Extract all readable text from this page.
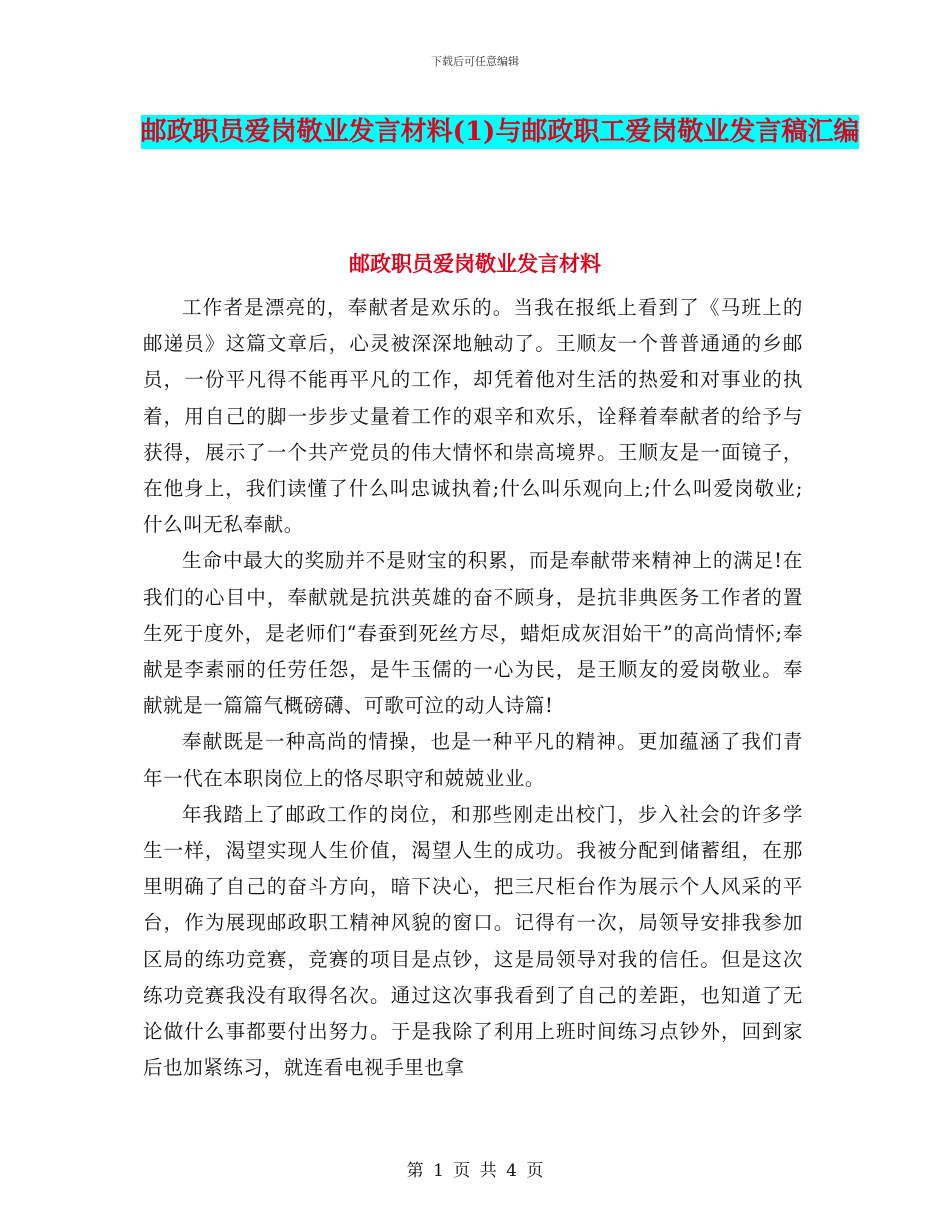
下载后可任意编辑
邮政职员爱岗敬业发言材料(1)与邮政职工爱岗敬业发言稿汇编
邮政职员爱岗敬业发言材料

工作者是漂亮的，奉献者是欢乐的。当我在报纸上看到了《马班上的邮递员》这篇文章后，心灵被深深地触动了。王顺友一个普普通通的乡邮员，一份平凡得不能再平凡的工作，却凭着他对生活的热爱和对事业的执着，用自己的脚一步步丈量着工作的艰辛和欢乐，诠释着奉献者的给予与获得，展示了一个共产党员的伟大情怀和崇高境界。王顺友是一面镜子，在他身上，我们读懂了什么叫忠诚执着;什么叫乐观向上;什么叫爱岗敬业;什么叫无私奉献。

生命中最大的奖励并不是财宝的积累，而是奉献带来精神上的满足!在我们的心目中，奉献就是抗洪英雄的奋不顾身，是抗非典医务工作者的置生死于度外，是老师们“春蚕到死丝方尽，蜡炬成灰泪始干”的高尚情怀;奉献是李素丽的任劳任怨，是牛玉儒的一心为民，是王顺友的爱岗敬业。奉献就是一篇篇气概磅礴、可歌可泣的动人诗篇!

奉献既是一种高尚的情操，也是一种平凡的精神。更加蕴涵了我们青年一代在本职岗位上的恪尽职守和兢兢业业。

年我踏上了邮政工作的岗位，和那些刚走出校门，步入社会的许多学生一样，渴望实现人生价值，渴望人生的成功。我被分配到储蓄组，在那里明确了自己的奋斗方向，暗下决心，把三尺柜台作为展示个人风采的平台，作为展现邮政职工精神风貌的窗口。记得有一次，局领导安排我参加区局的练功竞赛，竞赛的项目是点钞，这是局领导对我的信任。但是这次练功竞赛我没有取得名次。通过这次事我看到了自己的差距，也知道了无论做什么事都要付出努力。于是我除了利用上班时间练习点钞外，回到家后也加紧练习，就连看电视手里也拿

第 1 页 共 4 页
